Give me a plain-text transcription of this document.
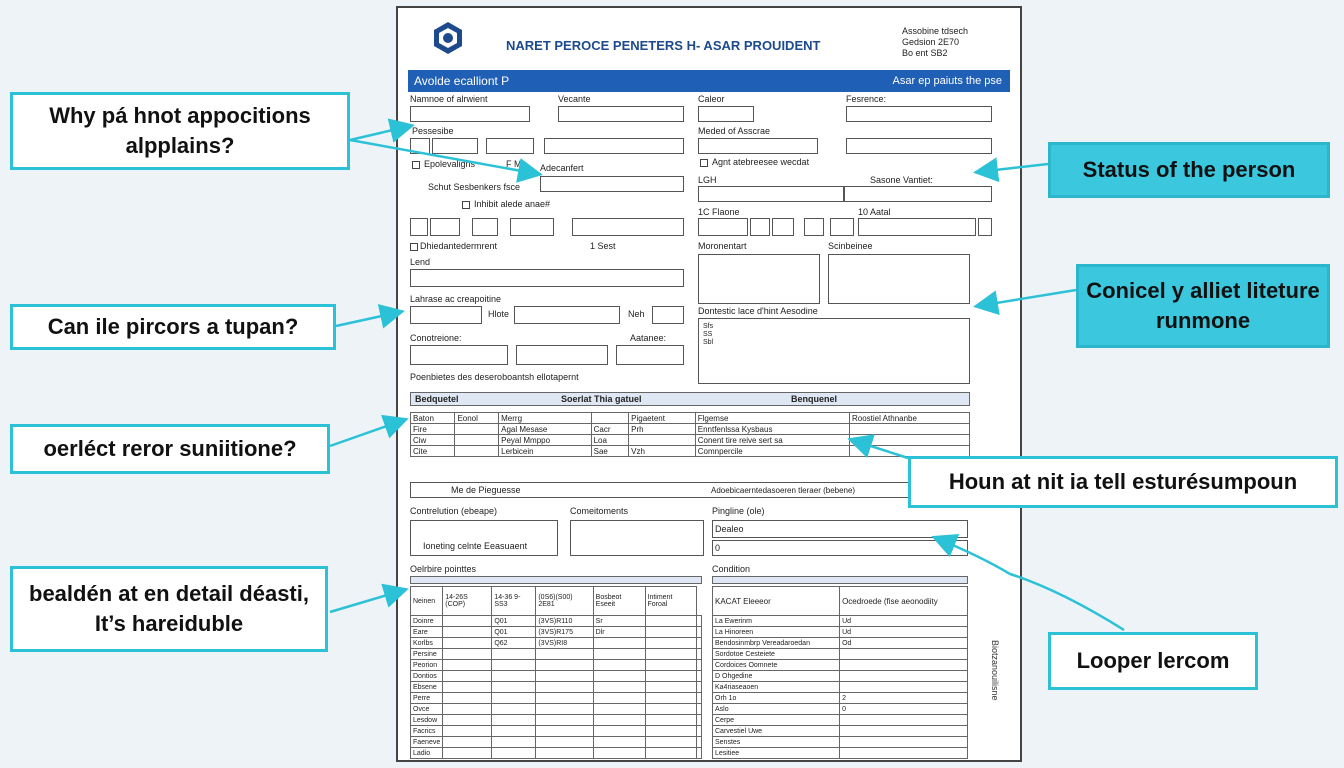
NARET PEROCE PENETERS H- ASAR PROUIDENT
Assobine tdsech
Gedsion 2E70
Bo ent SB2
Avolde ecalliont P	Asar ep paiuts the pse
Namnoe of alrwient	Vecante	Caleor	Fesrence:
Pessesibe	Meded of Asscrae
Epolevaligns	F Mu Adecanfert
Agnt atebreesee wecdat
Schut Sesbenkers fsce
LGH	Sasone Vantiet:
Inhibit alede anae#
1C Flaone	10 Aatal
Dhiedantedermrent	1 Sest	Moronentart	Scinbeinee
Lend
Lahrase ac creapoitine
Hlote	Neh	Dontestic lace d'hint Aesodine
Sfs
SS
Sbl
Conotreione:	Aatanee:
Poenbietes des deseroboantsh ellotapernt
Bedquetel	Soerlat Thia gatuel	Benquenel
Baton	Eonol	Merrg		Pigaetent	Flgemse	Roostiel Athnanbe
Fire		Agal Mesase	Cacr	Prh	Enntfenlssa Kysbaus	
Ciw		Peyal Mmppo	Loa		Conent tire reive sert sa	
Cite		Lerbicein	Sae	Vzh	Comnpercile	
Me de Pieguesse	Adoebicaerntedasoeren tleraer (bebene)
Contrelution (ebeape)
Ioneting celnte Eeasuaent
Comeitoments	Pingline (ole)
Dealeo
0
Oelrbire pointtes
Neinen	14-26S (COP)	14-36 9-SS3	(0S6)(S00) 2E81	Bosbeot Eseeit	Intiment Foroal	
Doinre		Q01	(3VS)R110	Sr		
Eare		Q01	(3VS)R175	Dlr		
Korlbs		Q62	(3VS)RI8			
Persine						
Peorion						
Dontios						
Ebsene						
Perre						
Ovce						
Lesdow						
Facrics						
Faeneve						
Ladio						
Condition
KACAT Eleeeor	Ocedroede (fise aeonodiity
La Ewerinm	Ud
La Hinoreen	Ud
Bendosinmbrp Vereadaroedan	Od
Sordotoe Cesteiete	
Cordoices Oomnete	
D Ohgedine	
Ka4riaseaoen	
Orh 1o	2
Aslo	0
Cerpe	
Carvestiel Uwe	
Senstes	
Lesitiee	
Biotzanouilisne
Why pá hnot appocitions alpplains?
Can ile pircors a tupan?
oerléct reror suniitione?
bealdén at en detail déasti, It’s hareiduble
Status of the person
Conicel y alliet liteture runmone
Houn at nit ia tell esturésumpoun
Looper lercom
